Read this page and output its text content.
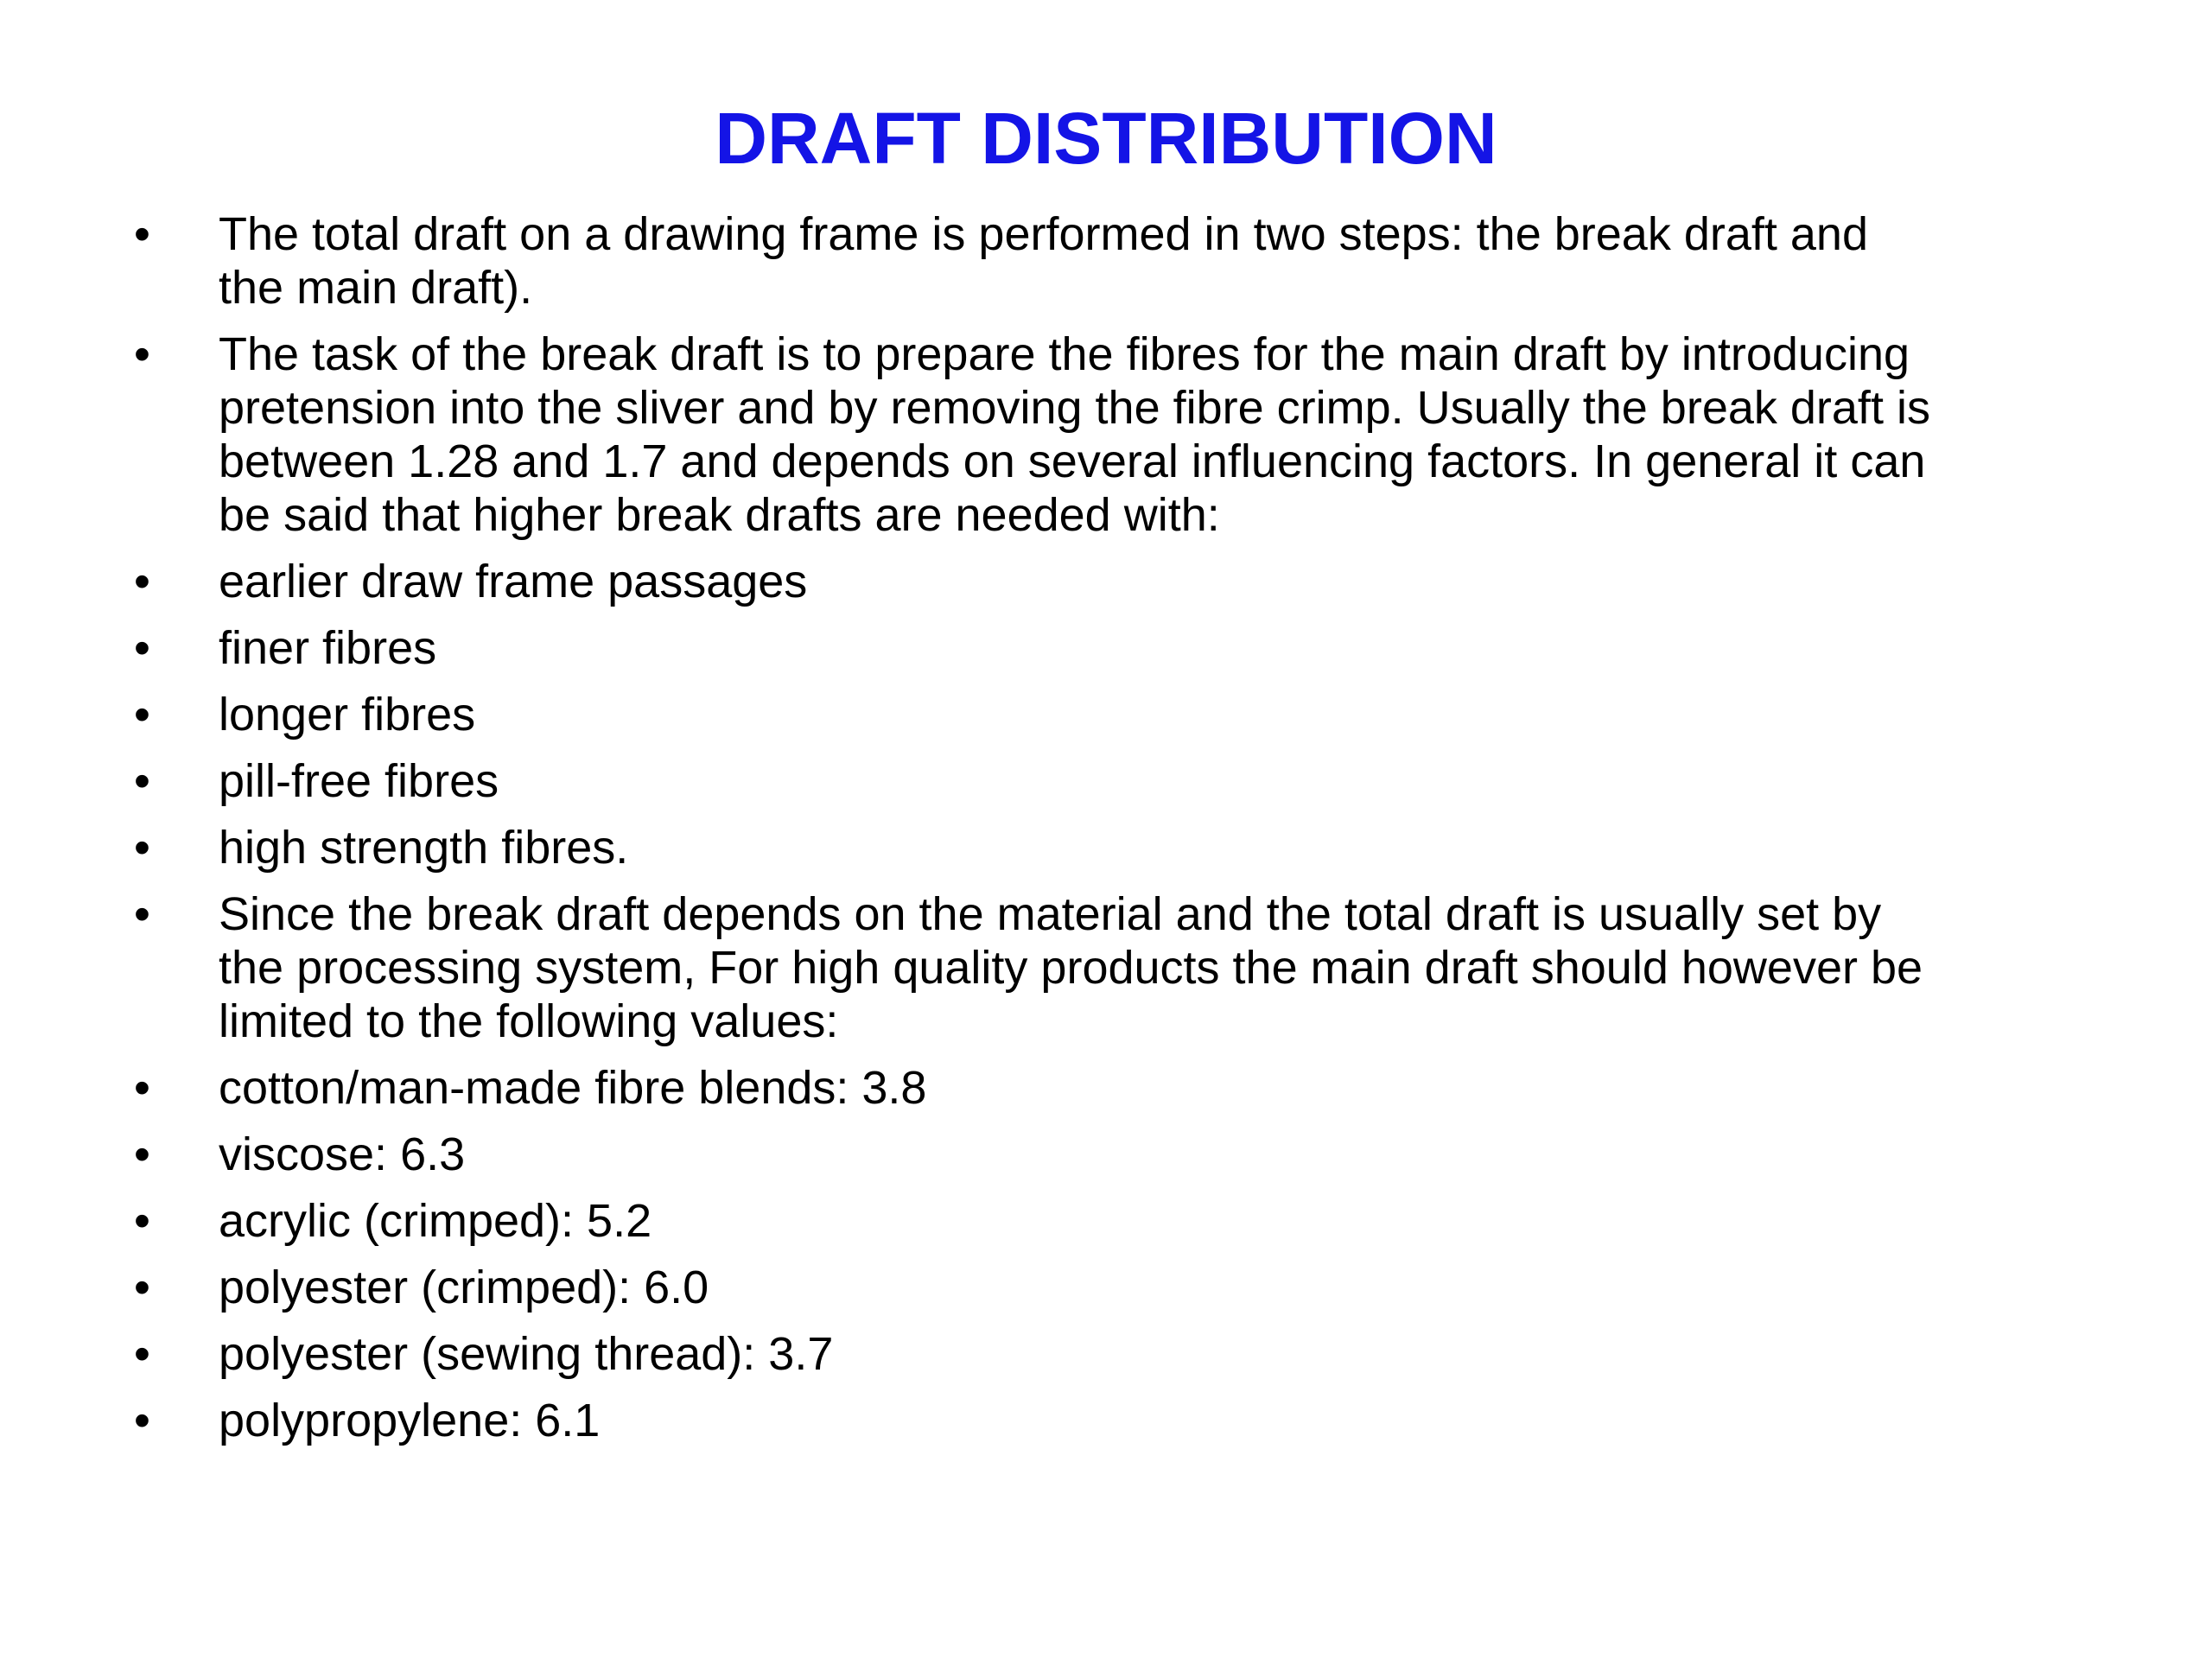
DRAFT DISTRIBUTION
• The total draft on a drawing frame is performed in two steps: the break draft and
the main draft).
• The task of the break draft is to prepare the fibres for the main draft by introducing
pretension into the sliver and by removing the fibre crimp. Usually the break draft is
between 1.28 and 1.7 and depends on several influencing factors. In general it can
be said that higher break drafts are needed with:
• earlier draw frame passages
• finer fibres
• longer fibres
• pill-free fibres
• high strength fibres.
• Since the break draft depends on the material and the total draft is usually set by
the processing system, For high quality products the main draft should however be
limited to the following values:
• cotton/man-made fibre blends: 3.8
• viscose: 6.3
• acrylic (crimped): 5.2
• polyester (crimped): 6.0
• polyester (sewing thread): 3.7
• polypropylene: 6.1
